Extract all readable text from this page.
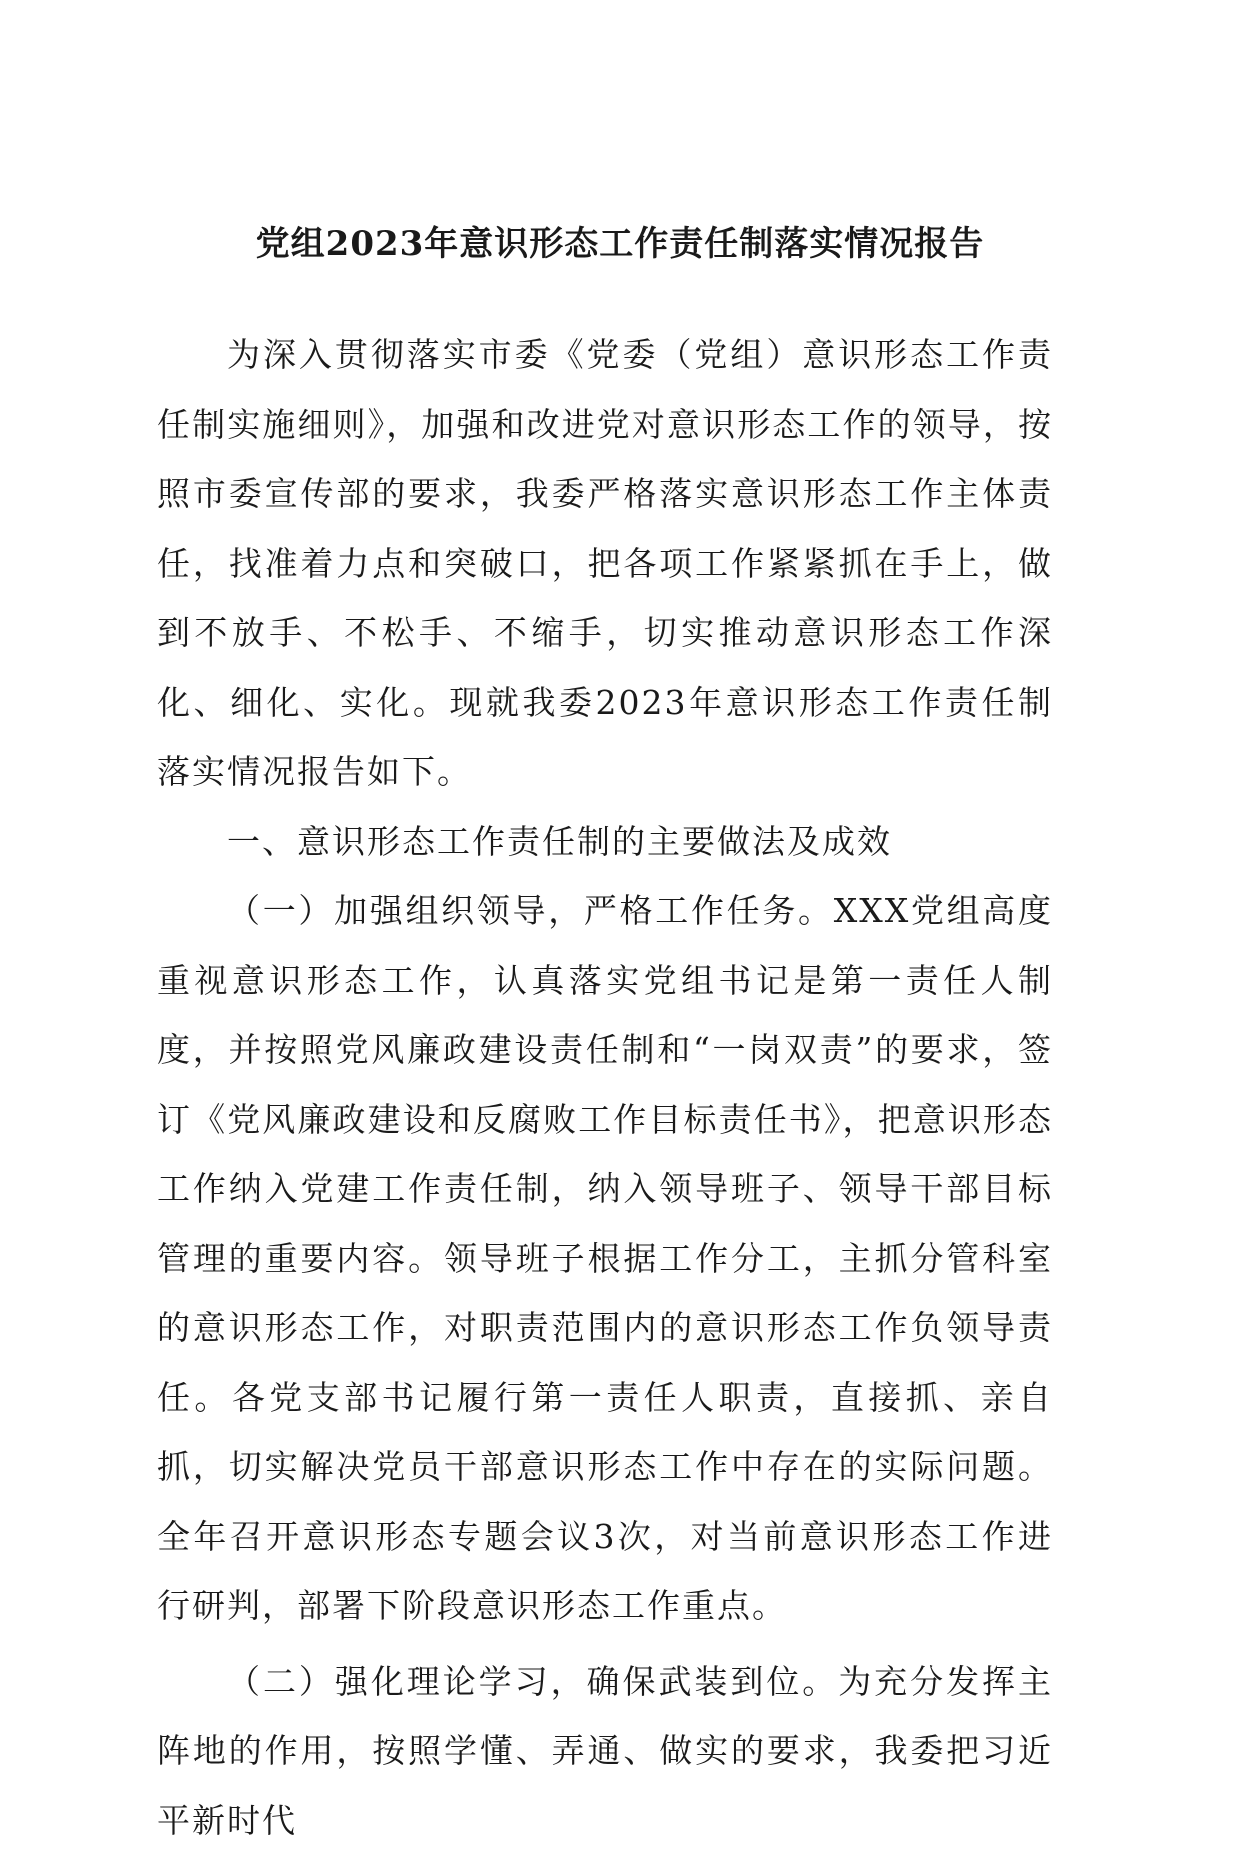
党组2023年意识形态工作责任制落实情况报告

为深入贯彻落实市委《党委（党组）意识形态工作责任制实施细则》，加强和改进党对意识形态工作的领导，按照市委宣传部的要求，我委严格落实意识形态工作主体责任，找准着力点和突破口，把各项工作紧紧抓在手上，做到不放手、不松手、不缩手，切实推动意识形态工作深化、细化、实化。现就我委2023年意识形态工作责任制落实情况报告如下。

一、意识形态工作责任制的主要做法及成效

（一）加强组织领导，严格工作任务。XXX党组高度重视意识形态工作，认真落实党组书记是第一责任人制度，并按照党风廉政建设责任制和“一岗双责”的要求，签订《党风廉政建设和反腐败工作目标责任书》，把意识形态工作纳入党建工作责任制，纳入领导班子、领导干部目标管理的重要内容。领导班子根据工作分工，主抓分管科室的意识形态工作，对职责范围内的意识形态工作负领导责任。各党支部书记履行第一责任人职责，直接抓、亲自抓，切实解决党员干部意识形态工作中存在的实际问题。全年召开意识形态专题会议3次，对当前意识形态工作进行研判，部署下阶段意识形态工作重点。

（二）强化理论学习，确保武装到位。为充分发挥主阵地的作用，按照学懂、弄通、做实的要求，我委把习近平新时代
